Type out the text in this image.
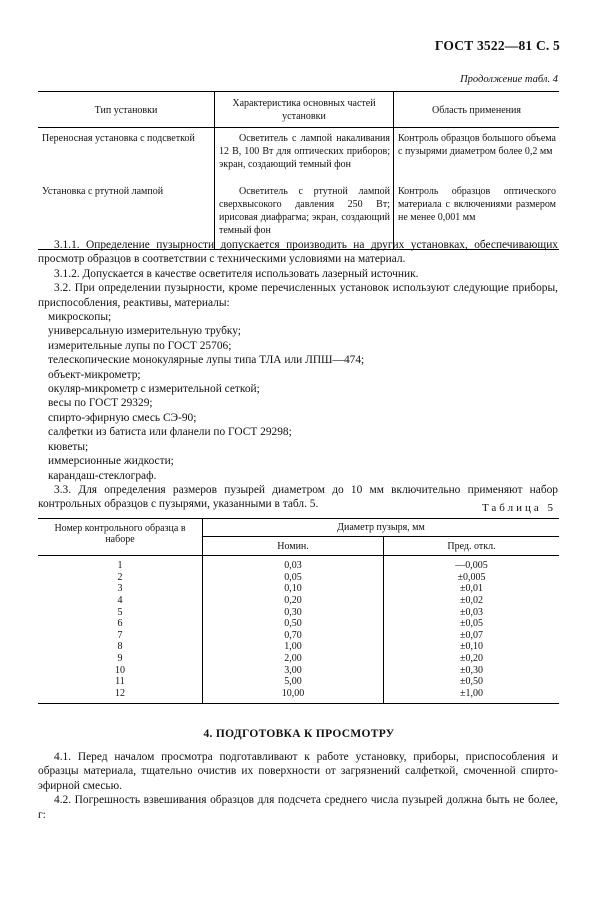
ГОСТ 3522—81 С. 5
Продолжение табл. 4
Тип установки	Характеристика основных частей установки	Область применения
Переносная установка с подсветкой	Осветитель с лампой накаливания 12 В, 100 Вт для оптических приборов; экран, создающий темный фон	Контроль образцов большого объема с пузырями диаметром более 0,2 мм
Установка с ртутной лампой	Осветитель с ртутной лампой сверхвысокого давления 250 Вт; ирисовая диафрагма; экран, создающий темный фон	Контроль образцов оптического материала с включениями размером не менее 0,001 мм
3.1.1. Определение пузырности допускается производить на других установках, обеспечивающих просмотр образцов в соответствии с техническими условиями на материал.
3.1.2. Допускается в качестве осветителя использовать лазерный источник.
3.2. При определении пузырности, кроме перечисленных установок используют следующие приборы, приспособления, реактивы, материалы:
микроскопы;
универсальную измерительную трубку;
измерительные лупы по ГОСТ 25706;
телескопические монокулярные лупы типа ТЛА или ЛПШ—474;
объект-микрометр;
окуляр-микрометр с измерительной сеткой;
весы по ГОСТ 29329;
спирто-эфирную смесь СЭ-90;
салфетки из батиста или фланели по ГОСТ 29298;
кюветы;
иммерсионные жидкости;
карандаш-стеклограф.
3.3. Для определения размеров пузырей диаметром до 10 мм включительно применяют набор контрольных образцов с пузырями, указанными в табл. 5.	Таблица 5
Номер контрольного образца в наборе	Диаметр пузыря, мм	
	Номин.	Пред. откл.
1	0,03	—0,005
2	0,05	±0,005
3	0,10	±0,01
4	0,20	±0,02
5	0,30	±0,03
6	0,50	±0,05
7	0,70	±0,07
8	1,00	±0,10
9	2,00	±0,20
10	3,00	±0,30
11	5,00	±0,50
12	10,00	±1,00
4. ПОДГОТОВКА К ПРОСМОТРУ
4.1. Перед началом просмотра подготавливают к работе установку, приборы, приспособления и образцы материала, тщательно очистив их поверхности от загрязнений салфеткой, смоченной спирто-эфирной смесью.
4.2. Погрешность взвешивания образцов для подсчета среднего числа пузырей должна быть не более, г:
